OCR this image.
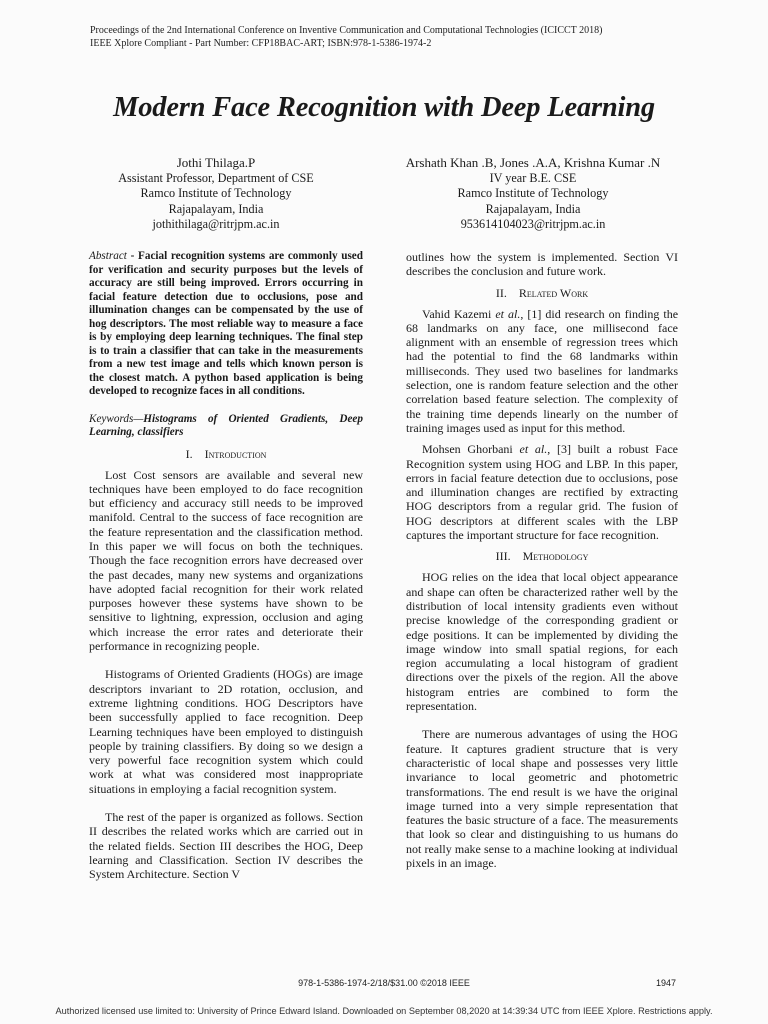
Proceedings of the 2nd International Conference on Inventive Communication and Computational Technologies (ICICCT 2018)
IEEE Xplore Compliant - Part Number: CFP18BAC-ART; ISBN:978-1-5386-1974-2
Modern Face Recognition with Deep Learning
Jothi Thilaga.P
Assistant Professor, Department of CSE
Ramco Institute of Technology
Rajapalayam, India
jothithilaga@ritrjpm.ac.in
Arshath Khan .B, Jones .A.A, Krishna Kumar .N
IV year B.E. CSE
Ramco Institute of Technology
Rajapalayam, India
953614104023@ritrjpm.ac.in

Abstract - Facial recognition systems are commonly used for verification and security purposes but the levels of accuracy are still being improved. Errors occurring in facial feature detection due to occlusions, pose and illumination changes can be compensated by the use of hog descriptors. The most reliable way to measure a face is by employing deep learning techniques. The final step is to train a classifier that can take in the measurements from a new test image and tells which known person is the closest match. A python based application is being developed to recognize faces in all conditions.

Keywords—Histograms of Oriented Gradients, Deep Learning, classifiers

I. Introduction

Lost Cost sensors are available and several new techniques have been employed to do face recognition but efficiency and accuracy still needs to be improved manifold. Central to the success of face recognition are the feature representation and the classification method. In this paper we will focus on both the techniques. Though the face recognition errors have decreased over the past decades, many new systems and organizations have adopted facial recognition for their work related purposes however these systems have shown to be sensitive to lightning, expression, occlusion and aging which increase the error rates and deteriorate their performance in recognizing people.

Histograms of Oriented Gradients (HOGs) are image descriptors invariant to 2D rotation, occlusion, and extreme lightning conditions. HOG Descriptors have been successfully applied to face recognition. Deep Learning techniques have been employed to distinguish people by training classifiers. By doing so we design a very powerful face recognition system which could work at what was considered most inappropriate situations in employing a facial recognition system.

The rest of the paper is organized as follows. Section II describes the related works which are carried out in the related fields. Section III describes the HOG, Deep learning and Classification. Section IV describes the System Architecture. Section V

outlines how the system is implemented. Section VI describes the conclusion and future work.

II. Related Work

Vahid Kazemi et al., [1] did research on finding the 68 landmarks on any face, one millisecond face alignment with an ensemble of regression trees which had the potential to find the 68 landmarks within milliseconds. They used two baselines for landmarks selection, one is random feature selection and the other correlation based feature selection. The complexity of the training time depends linearly on the number of training images used as input for this method.

Mohsen Ghorbani et al., [3] built a robust Face Recognition system using HOG and LBP. In this paper, errors in facial feature detection due to occlusions, pose and illumination changes are rectified by extracting HOG descriptors from a regular grid. The fusion of HOG descriptors at different scales with the LBP captures the important structure for face recognition.

III. Methodology

HOG relies on the idea that local object appearance and shape can often be characterized rather well by the distribution of local intensity gradients even without precise knowledge of the corresponding gradient or edge positions. It can be implemented by dividing the image window into small spatial regions, for each region accumulating a local histogram of gradient directions over the pixels of the region. All the above histogram entries are combined to form the representation.

There are numerous advantages of using the HOG feature. It captures gradient structure that is very characteristic of local shape and possesses very little invariance to local geometric and photometric transformations. The end result is we have the original image turned into a very simple representation that features the basic structure of a face. The measurements that look so clear and distinguishing to us humans do not really make sense to a machine looking at individual pixels in an image.

978-1-5386-1974-2/18/$31.00 ©2018 IEEE	1947
Authorized licensed use limited to: University of Prince Edward Island. Downloaded on September 08,2020 at 14:39:34 UTC from IEEE Xplore. Restrictions apply.
